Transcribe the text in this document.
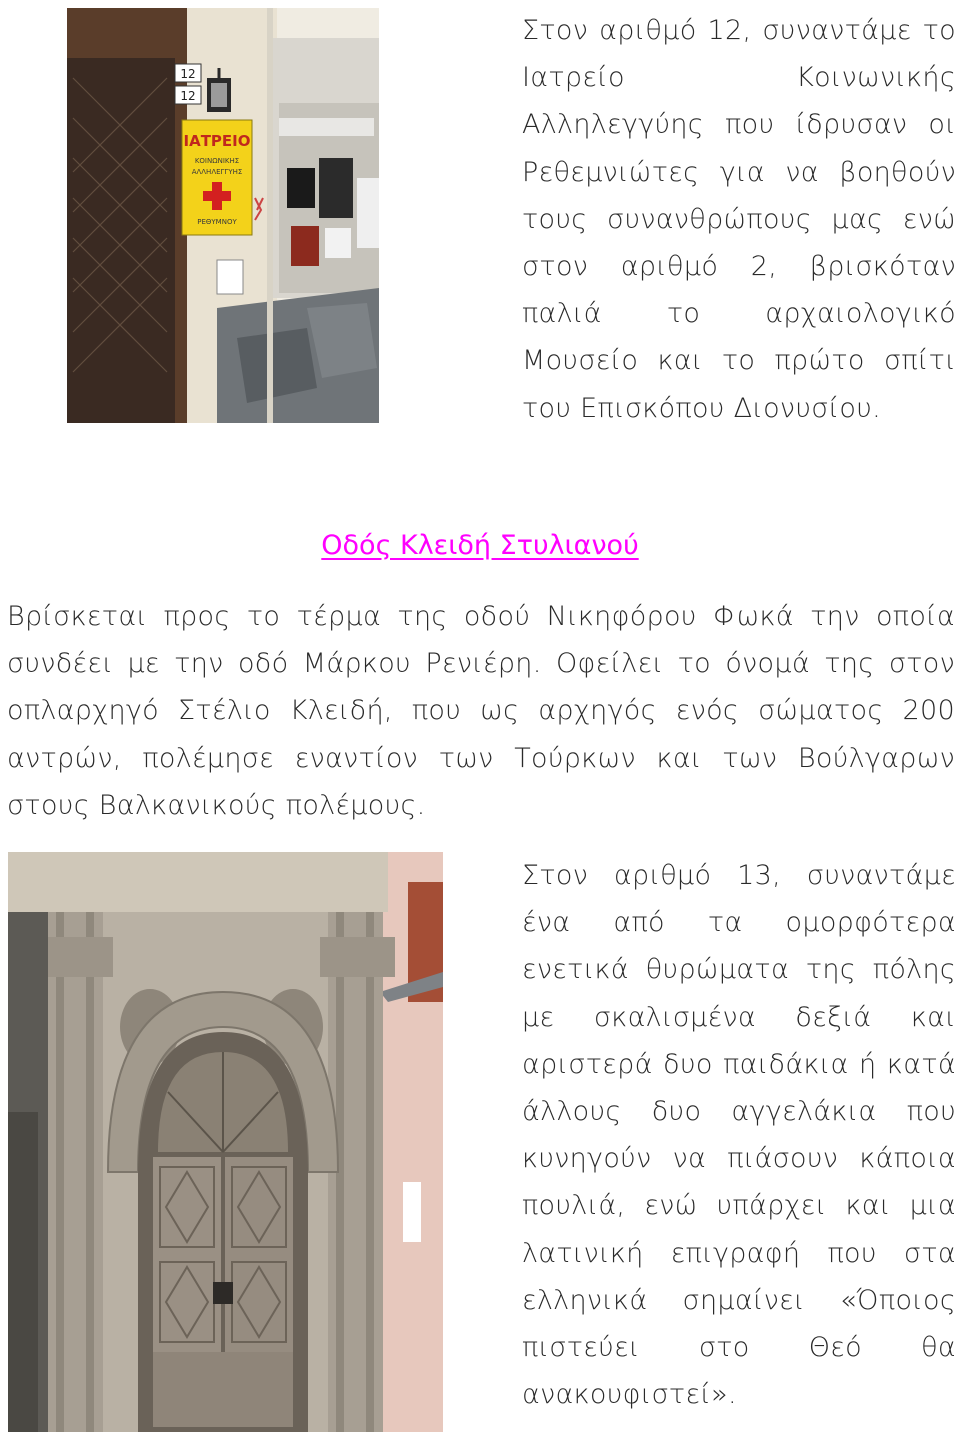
12
12
ΙΑΤΡΕΙΟ
ΚΟΙΝΩΝΙΚΗΣ
ΑΛΛΗΛΕΓΓΥΗΣ
ΡΕΘΥΜΝΟΥ

Στον αριθμό 12, συναντάμε το Ιατρείο Κοινωνικής Αλληλεγγύης που ίδρυσαν οι Ρεθεμνιώτες για να βοηθούν τους συνανθρώπους μας ενώ στον αριθμό 2, βρισκόταν παλιά το αρχαιολογικό Μουσείο και το πρώτο σπίτι του Επισκόπου Διονυσίου.

Οδός Κλειδή Στυλιανού

Βρίσκεται προς το τέρμα της οδού Νικηφόρου Φωκά την οποία συνδέει με την οδό Μάρκου Ρενιέρη. Οφείλει το όνομά της στον οπλαρχηγό Στέλιο Κλειδή, που ως αρχηγός ενός σώματος 200 αντρών, πολέμησε εναντίον των Τούρκων και των Βούλγαρων στους Βαλκανικούς πολέμους.

Στον αριθμό 13, συναντάμε ένα από τα ομορφότερα ενετικά θυρώματα της πόλης με σκαλισμένα δεξιά και αριστερά δυο παιδάκια ή κατά άλλους δυο αγγελάκια που κυνηγούν να πιάσουν κάποια πουλιά, ενώ υπάρχει και μια λατινική επιγραφή που στα ελληνικά σημαίνει «Όποιος πιστεύει στο Θεό θα ανακουφιστεί».
